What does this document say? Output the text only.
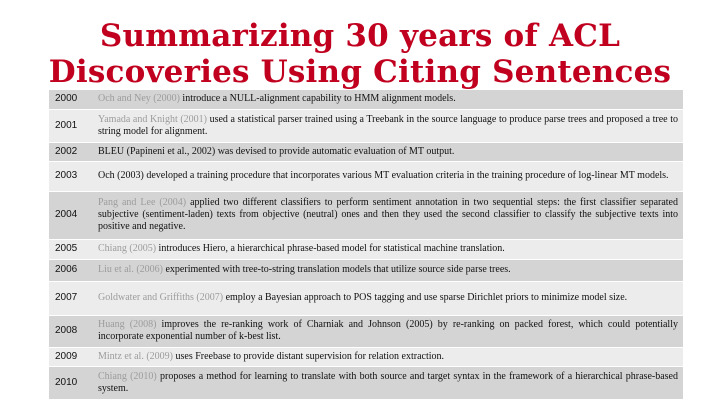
Summarizing 30 years of ACL
Discoveries Using Citing Sentences
2000	Och and Ney (2000) introduce a NULL-alignment capability to HMM alignment models.
2001	Yamada and Knight (2001) used a statistical parser trained using a Treebank in the source language to produce parse trees and proposed a tree to string model for alignment.
2002	BLEU (Papineni et al., 2002) was devised to provide automatic evaluation of MT output.
2003	Och (2003) developed a training procedure that incorporates various MT evaluation criteria in the training procedure of log-linear MT models.
2004	Pang and Lee (2004) applied two different classifiers to perform sentiment annotation in two sequential steps: the first classifier separated subjective (sentiment-laden) texts from objective (neutral) ones and then they used the second classifier to classify the subjective texts into positive and negative.
2005	Chiang (2005) introduces Hiero, a hierarchical phrase-based model for statistical machine translation.
2006	Liu et al. (2006) experimented with tree-to-string translation models that utilize source side parse trees.
2007	Goldwater and Griffiths (2007) employ a Bayesian approach to POS tagging and use sparse Dirichlet priors to minimize model size.
2008	Huang (2008) improves the re-ranking work of Charniak and Johnson (2005) by re-ranking on packed forest, which could potentially incorporate exponential number of k-best list.
2009	Mintz et al. (2009) uses Freebase to provide distant supervision for relation extraction.
2010	Chiang (2010) proposes a method for learning to translate with both source and target syntax in the framework of a hierarchical phrase-based system.
